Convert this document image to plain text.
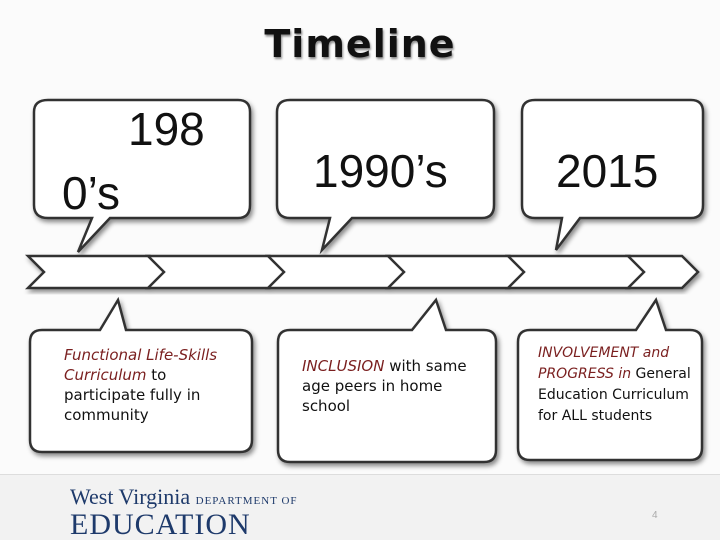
Timeline
198
0’s	1990’s 2015
Functional Life-Skills Curriculum to participate fully in community
INCLUSION with same age peers in home school
INVOLVEMENT and PROGRESS in General Education Curriculum for ALL students
West Virginia DEPARTMENT OF
EDUCATION	4
